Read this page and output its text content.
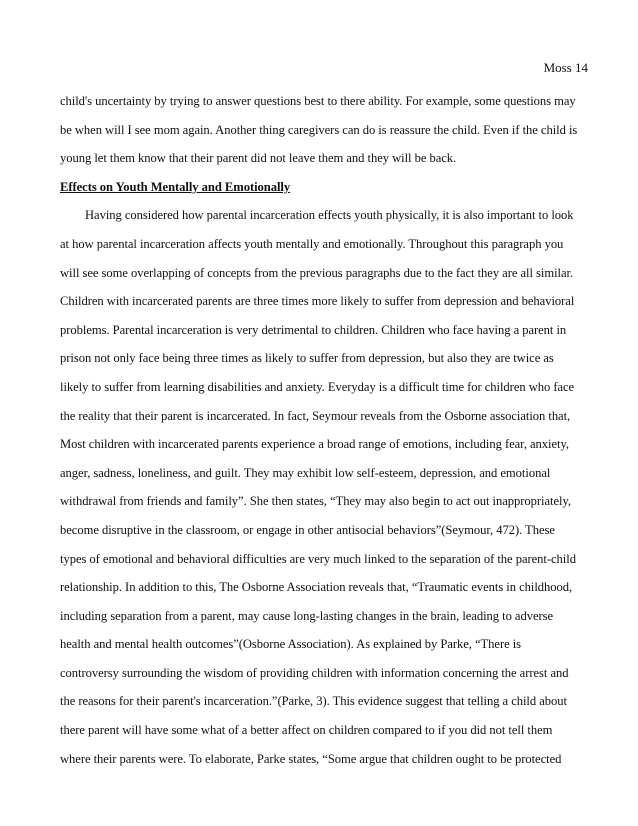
Moss 14
child's uncertainty by trying to answer questions best to there ability. For example, some questions may
be when will I see mom again. Another thing caregivers can do is reassure the child. Even if the child is
young let them know that their parent did not leave them and they will be back.
Effects on Youth Mentally and Emotionally
Having considered how parental incarceration effects youth physically, it is also important to look
at how parental incarceration affects youth mentally and emotionally. Throughout this paragraph you
will see some overlapping of concepts from the previous paragraphs due to the fact they are all similar.
Children with incarcerated parents are three times more likely to suffer from depression and behavioral
problems. Parental incarceration is very detrimental to children. Children who face having a parent in
prison not only face being three times as likely to suffer from depression, but also they are twice as
likely to suffer from learning disabilities and anxiety. Everyday is a difficult time for children who face
the reality that their parent is incarcerated. In fact, Seymour reveals from the Osborne association that,
Most children with incarcerated parents experience a broad range of emotions, including fear, anxiety,
anger, sadness, loneliness, and guilt. They may exhibit low self-esteem, depression, and emotional
withdrawal from friends and family”. She then states, “They may also begin to act out inappropriately,
become disruptive in the classroom, or engage in other antisocial behaviors”(Seymour, 472). These
types of emotional and behavioral difficulties are very much linked to the separation of the parent-child
relationship. In addition to this, The Osborne Association reveals that, “Traumatic events in childhood,
including separation from a parent, may cause long-lasting changes in the brain, leading to adverse
health and mental health outcomes”(Osborne Association). As explained by Parke, “There is
controversy surrounding the wisdom of providing children with information concerning the arrest and
the reasons for their parent's incarceration.”(Parke, 3). This evidence suggest that telling a child about
there parent will have some what of a better affect on children compared to if you did not tell them
where their parents were. To elaborate, Parke states, “Some argue that children ought to be protected
